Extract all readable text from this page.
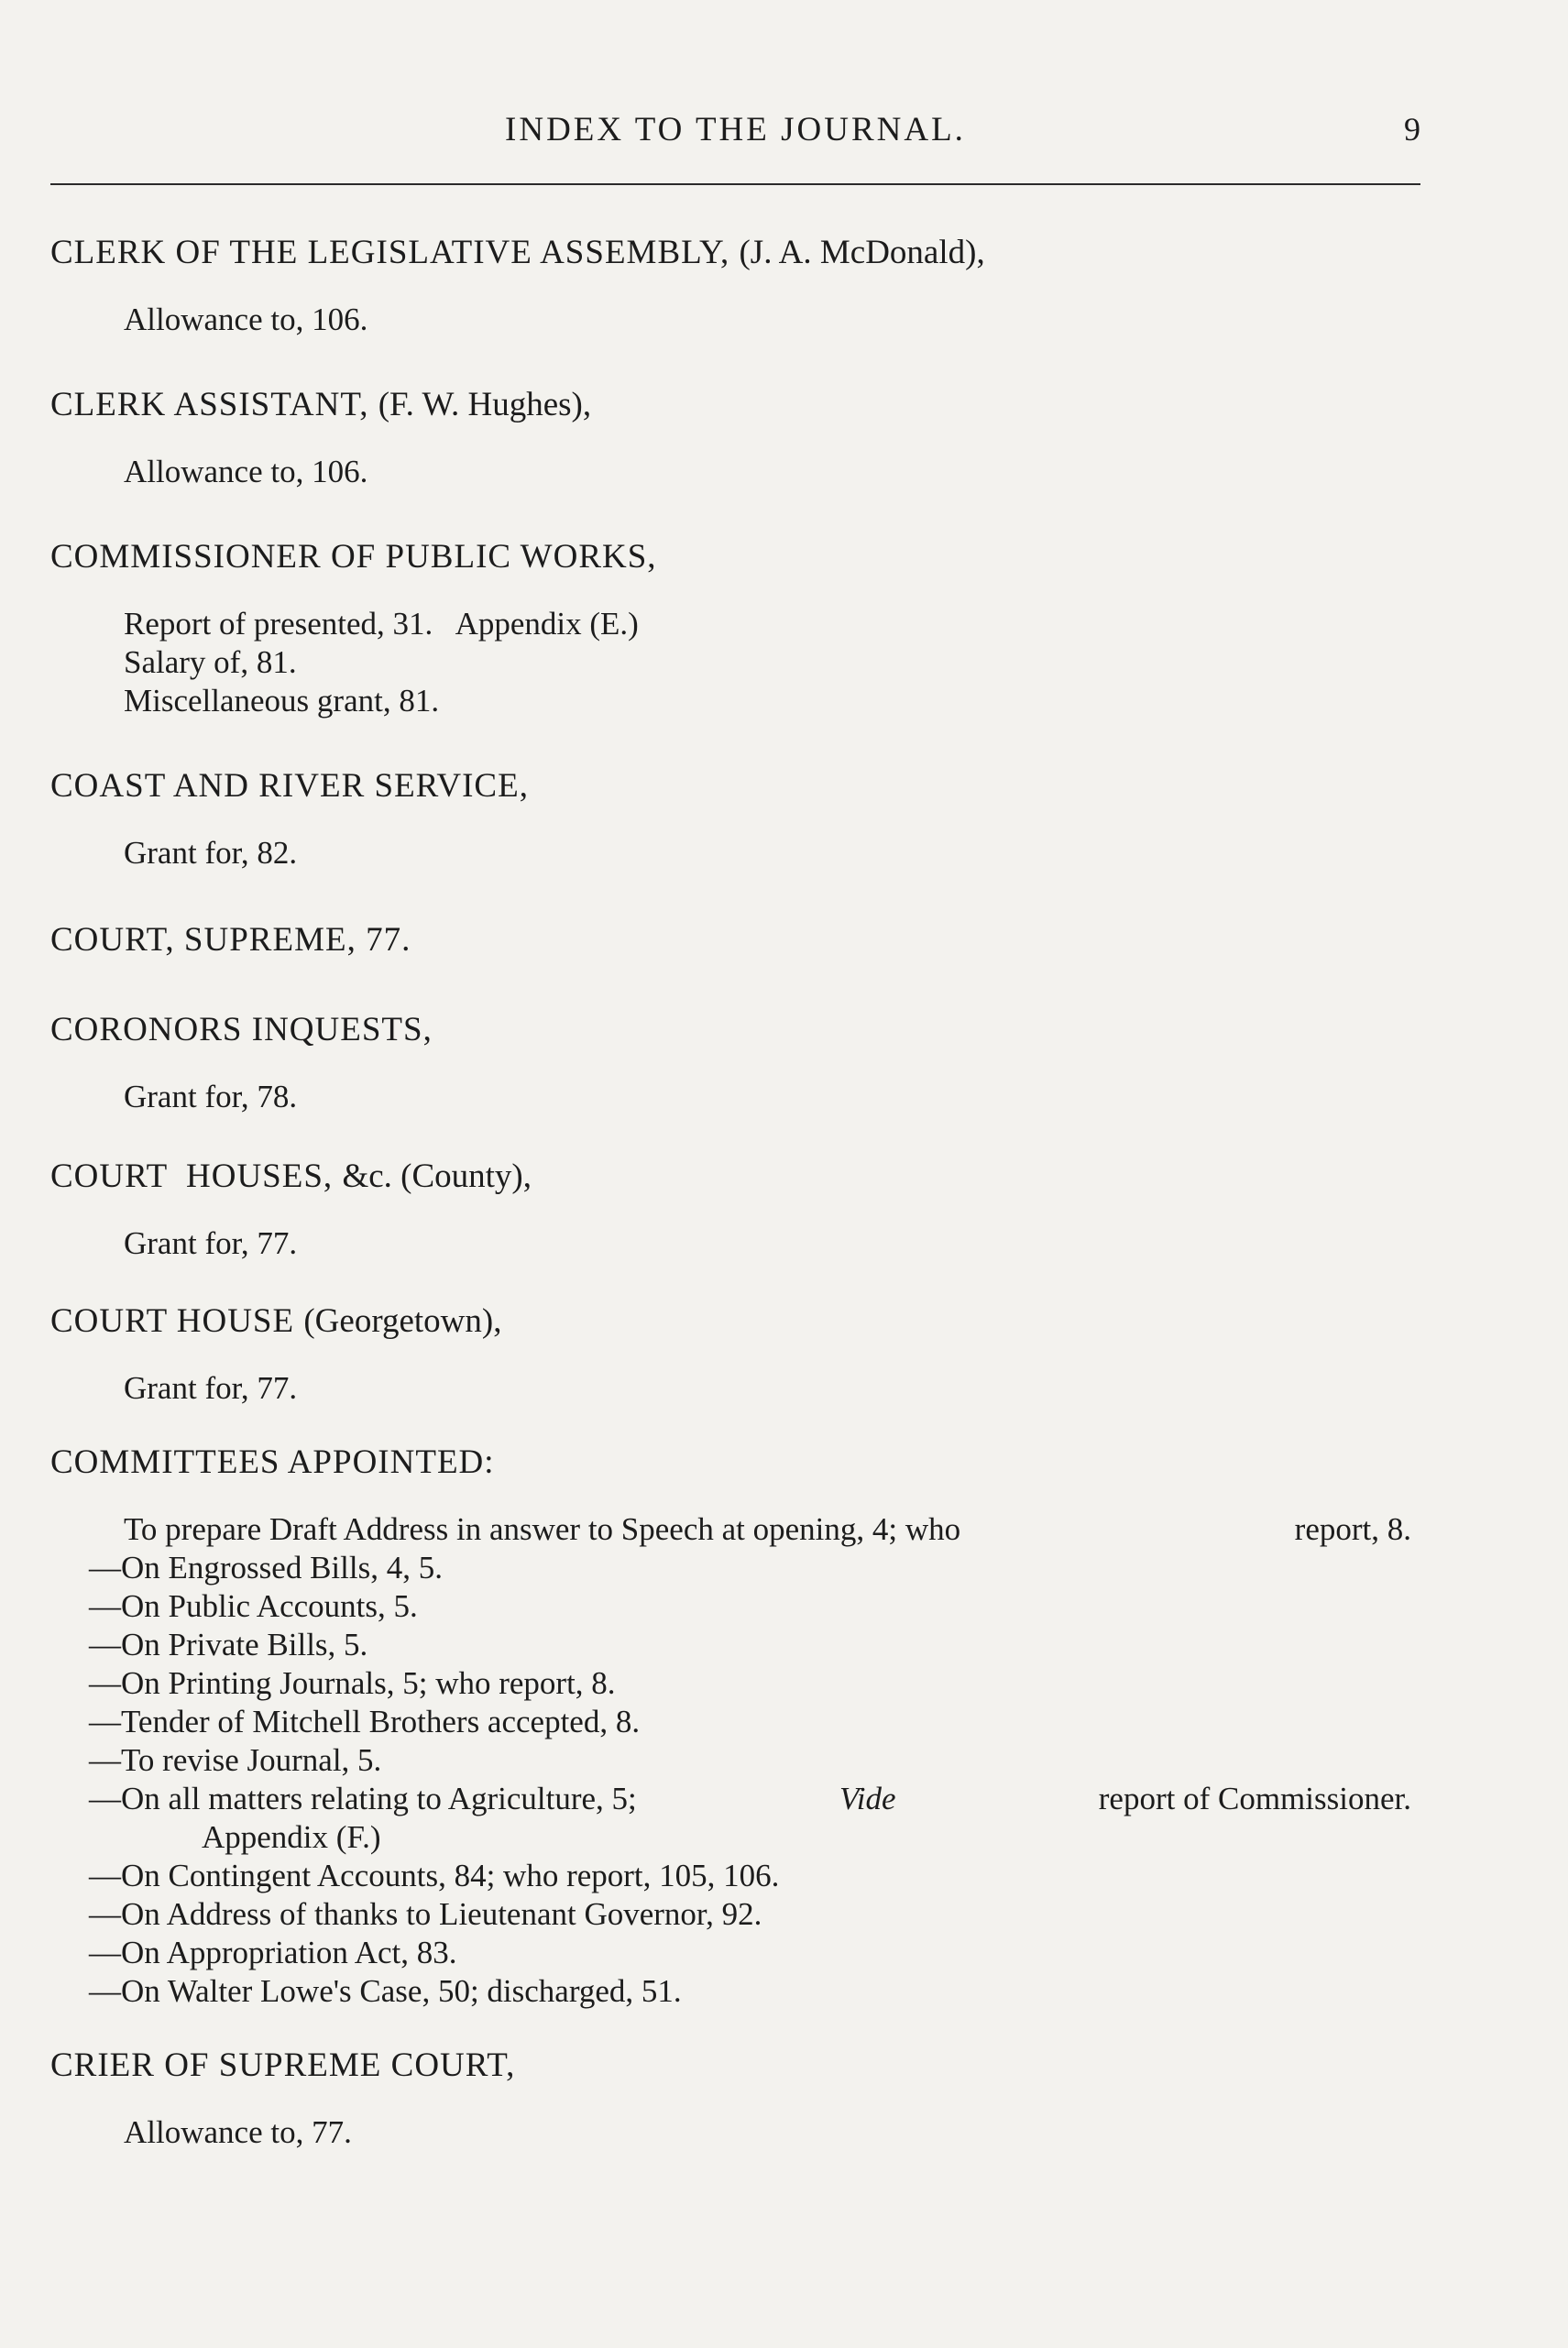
INDEX TO THE JOURNAL.	9
CLERK OF THE LEGISLATIVE ASSEMBLY, (J. A. McDonald),
Allowance to, 106.
CLERK ASSISTANT, (F. W. Hughes),
Allowance to, 106.
COMMISSIONER OF PUBLIC WORKS,
Report of presented, 31.   Appendix (E.)
Salary of, 81.
Miscellaneous grant, 81.
COAST AND RIVER SERVICE,
Grant for, 82.
COURT, SUPREME, 77.
CORONORS INQUESTS,
Grant for, 78.
COURT  HOUSES, &c. (County),
Grant for, 77.
COURT HOUSE (Georgetown),
Grant for, 77.
COMMITTEES APPOINTED:
To prepare Draft Address in answer to Speech at opening, 4; who	report, 8.
—On Engrossed Bills, 4, 5.
—On Public Accounts, 5.
—On Private Bills, 5.
—On Printing Journals, 5; who report, 8.
—Tender of Mitchell Brothers accepted, 8.
—To revise Journal, 5.
—On all matters relating to Agriculture, 5;	Vide	report of Commissioner.
Appendix (F.)
—On Contingent Accounts, 84; who report, 105, 106.
—On Address of thanks to Lieutenant Governor, 92.
—On Appropriation Act, 83.
—On Walter Lowe's Case, 50; discharged, 51.
CRIER OF SUPREME COURT,
Allowance to, 77.
